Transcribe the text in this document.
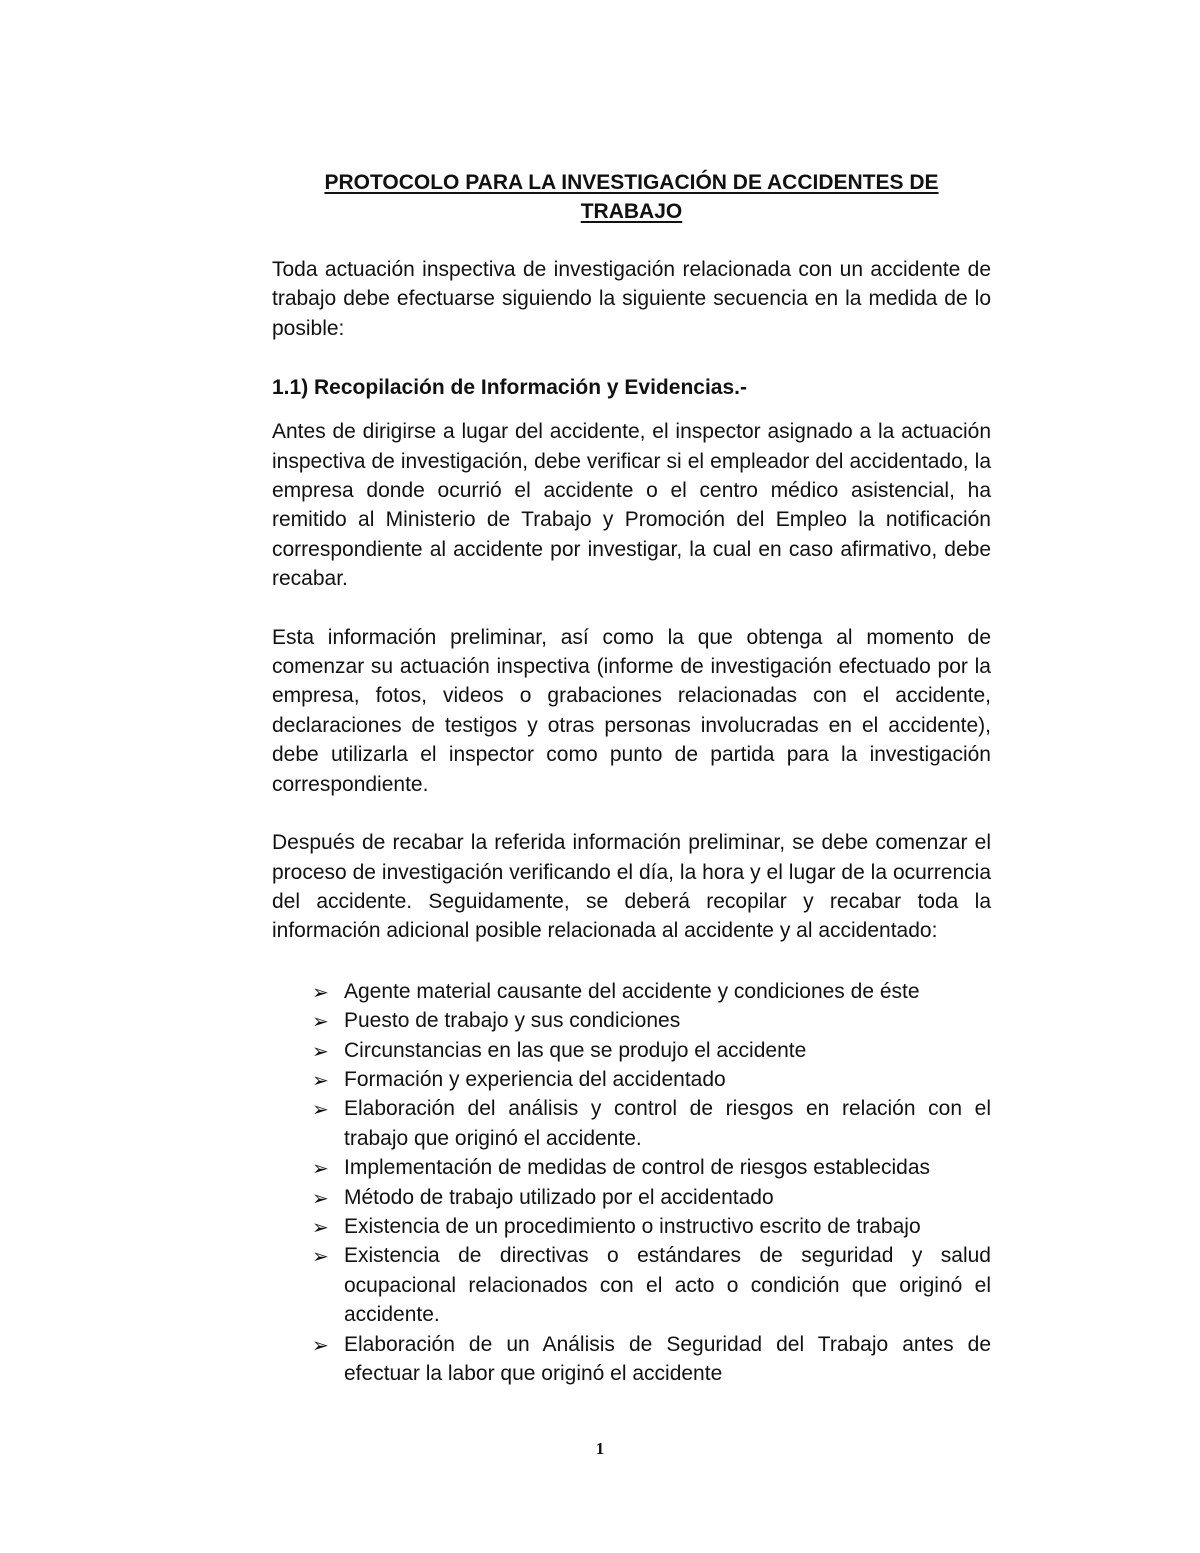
PROTOCOLO PARA LA INVESTIGACIÓN DE ACCIDENTES DE
TRABAJO

Toda actuación inspectiva de investigación relacionada con un accidente de trabajo debe efectuarse siguiendo la siguiente secuencia en la medida de lo posible:

1.1) Recopilación de Información y Evidencias.-

Antes de dirigirse a lugar del accidente, el inspector asignado a la actuación inspectiva de investigación, debe verificar si el empleador del accidentado, la empresa donde ocurrió el accidente o el centro médico asistencial, ha remitido al Ministerio de Trabajo y Promoción del Empleo la notificación correspondiente al accidente por investigar, la cual en caso afirmativo, debe recabar.

Esta información preliminar, así como la que obtenga al momento de comenzar su actuación inspectiva (informe de investigación efectuado por la empresa, fotos, videos o grabaciones relacionadas con el accidente, declaraciones de testigos y otras personas involucradas en el accidente), debe utilizarla el inspector como punto de partida para la investigación correspondiente.

Después de recabar la referida información preliminar, se debe comenzar el proceso de investigación verificando el día, la hora y el lugar de la ocurrencia del accidente. Seguidamente, se deberá recopilar y recabar toda la información adicional posible relacionada al accidente y al accidentado:

➢ Agente material causante del accidente y condiciones de éste
➢ Puesto de trabajo y sus condiciones
➢ Circunstancias en las que se produjo el accidente
➢ Formación y experiencia del accidentado
➢ Elaboración del análisis y control de riesgos en relación con el trabajo que originó el accidente.
➢ Implementación de medidas de control de riesgos establecidas
➢ Método de trabajo utilizado por el accidentado
➢ Existencia de un procedimiento o instructivo escrito de trabajo
➢ Existencia de directivas o estándares de seguridad y salud ocupacional relacionados con el acto o condición que originó el accidente.
➢ Elaboración de un Análisis de Seguridad del Trabajo antes de efectuar la labor que originó el accidente
1
